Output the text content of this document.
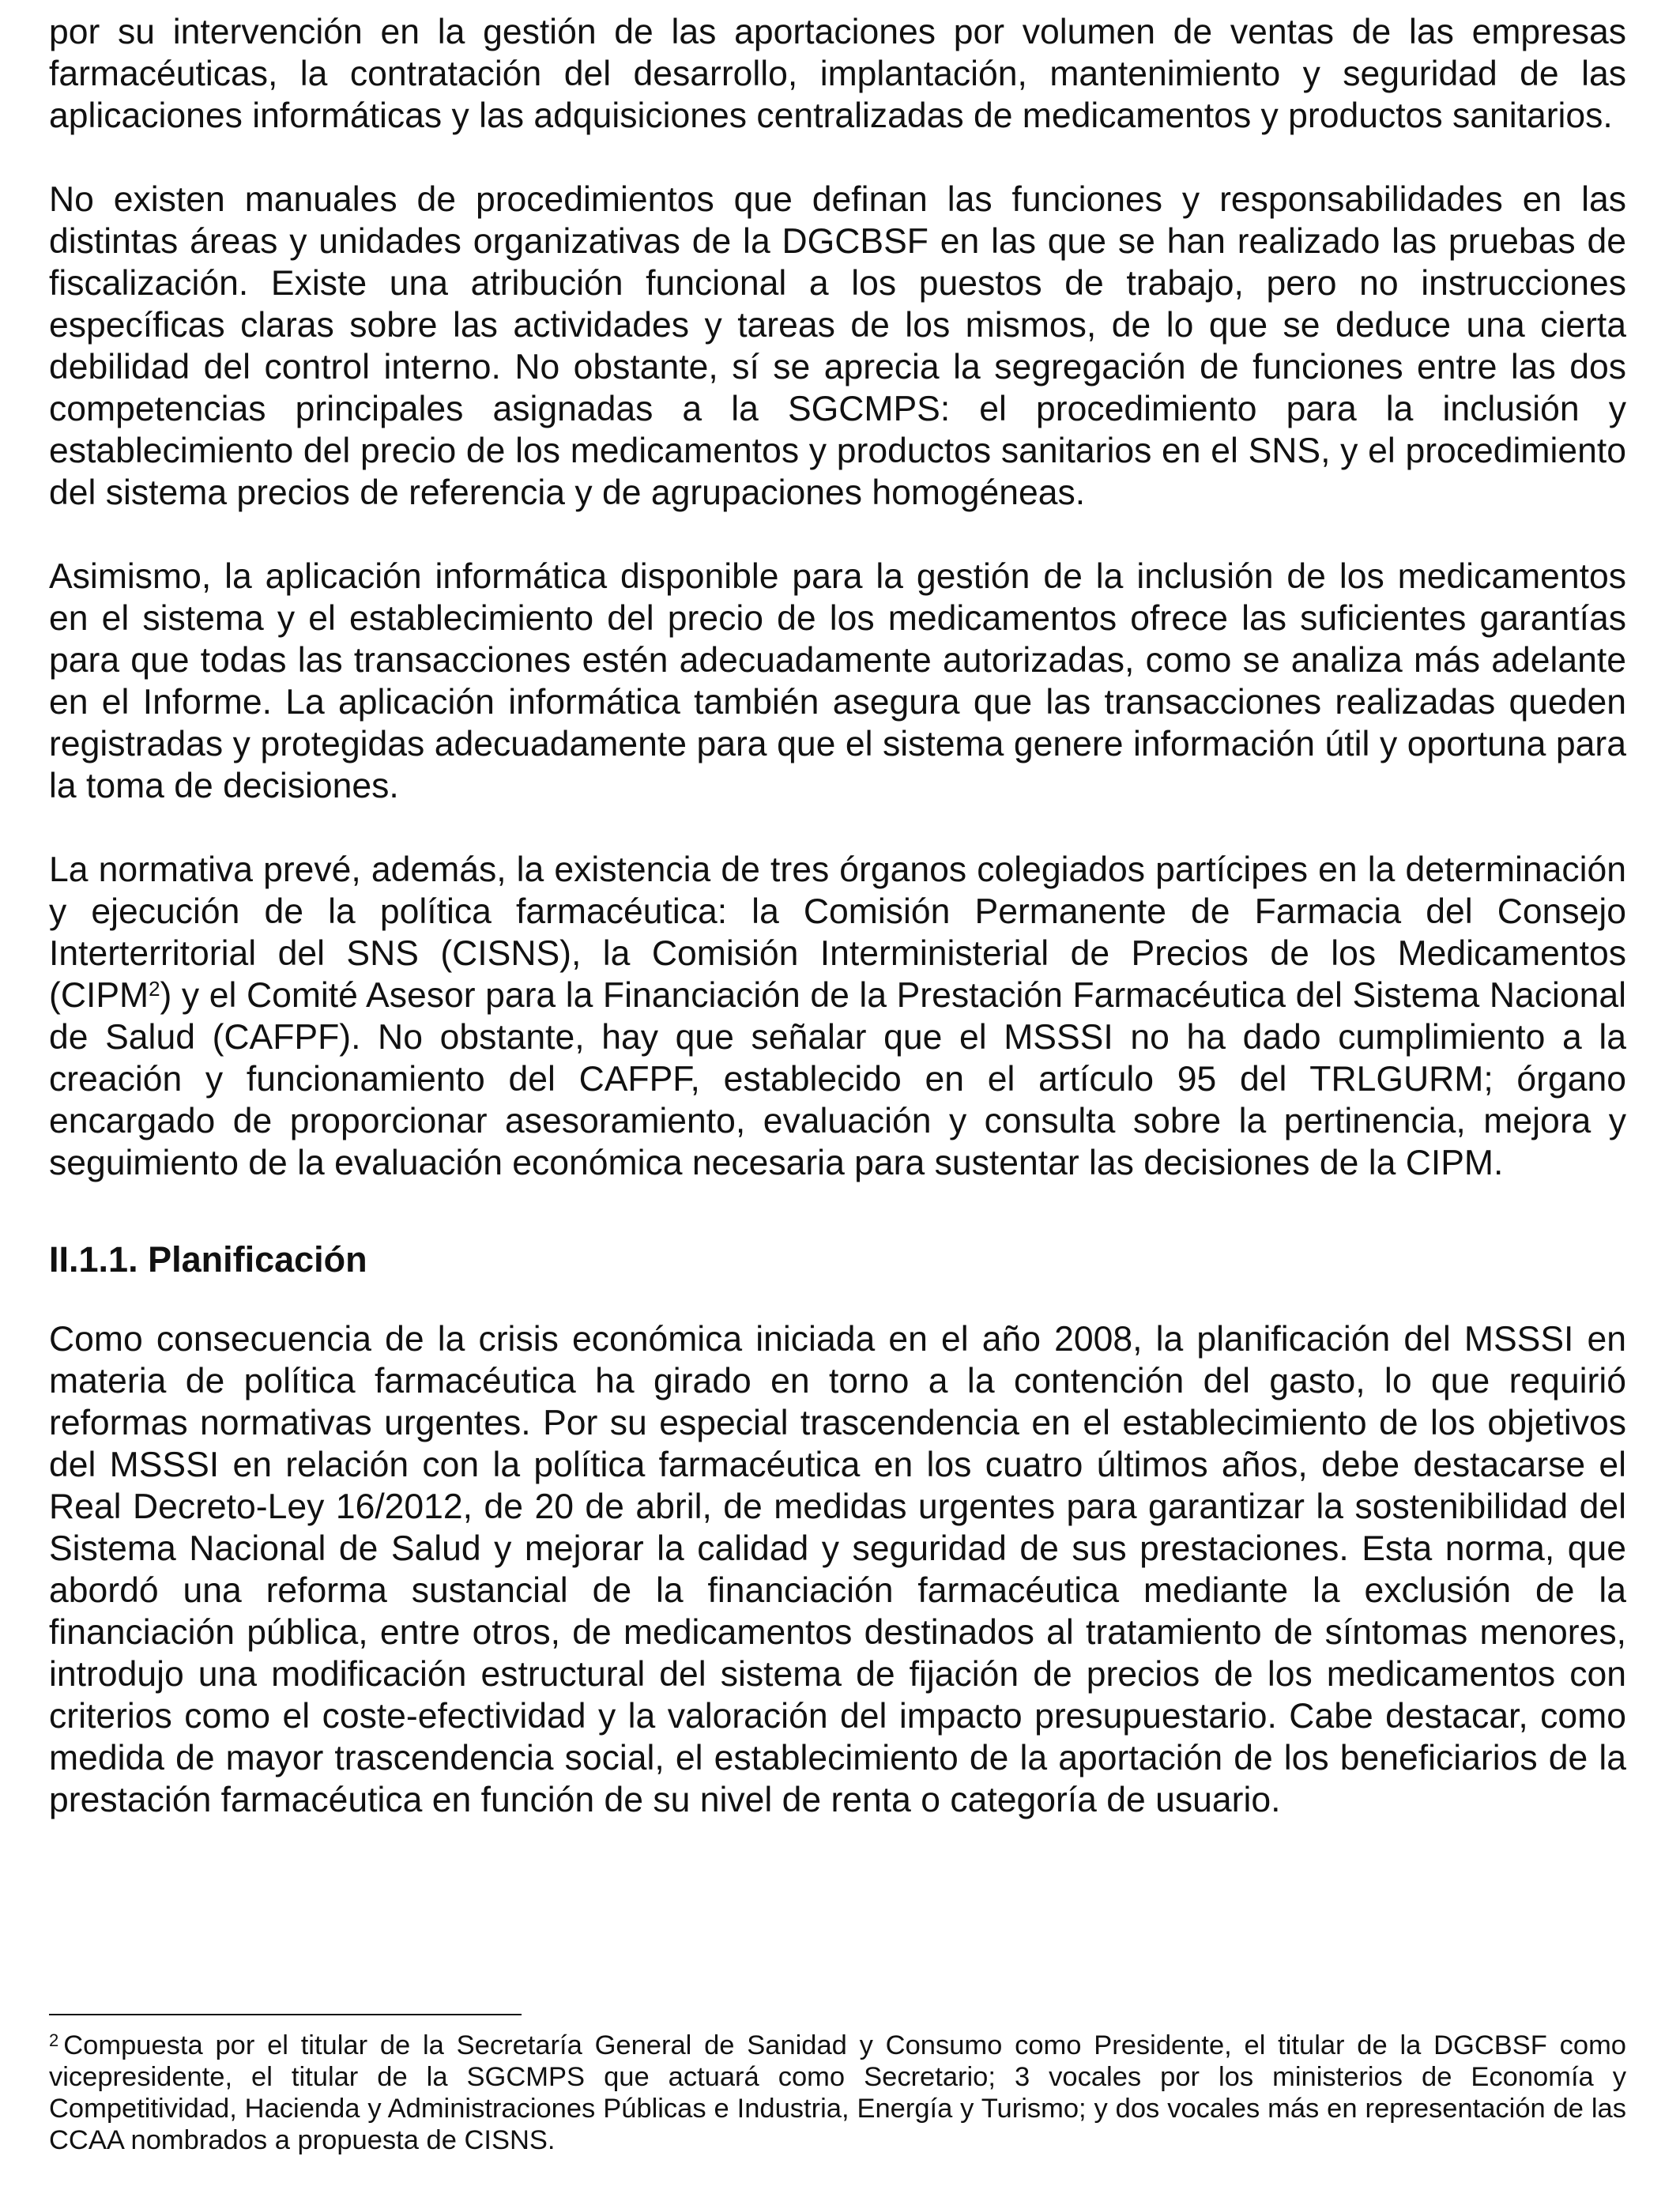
por su intervención en la gestión de las aportaciones por volumen de ventas de las empresas farmacéuticas, la contratación del desarrollo, implantación, mantenimiento y seguridad de las aplicaciones informáticas y las adquisiciones centralizadas de medicamentos y productos sanitarios.

No existen manuales de procedimientos que definan las funciones y responsabilidades en las distintas áreas y unidades organizativas de la DGCBSF en las que se han realizado las pruebas de fiscalización. Existe una atribución funcional a los puestos de trabajo, pero no instrucciones específicas claras sobre las actividades y tareas de los mismos, de lo que se deduce una cierta debilidad del control interno. No obstante, sí se aprecia la segregación de funciones entre las dos competencias principales asignadas a la SGCMPS: el procedimiento para la inclusión y establecimiento del precio de los medicamentos y productos sanitarios en el SNS, y el procedimiento del sistema precios de referencia y de agrupaciones homogéneas.

Asimismo, la aplicación informática disponible para la gestión de la inclusión de los medicamentos en el sistema y el establecimiento del precio de los medicamentos ofrece las suficientes garantías para que todas las transacciones estén adecuadamente autorizadas, como se analiza más adelante en el Informe. La aplicación informática también asegura que las transacciones realizadas queden registradas y protegidas adecuadamente para que el sistema genere información útil y oportuna para la toma de decisiones.

La normativa prevé, además, la existencia de tres órganos colegiados partícipes en la determinación y ejecución de la política farmacéutica: la Comisión Permanente de Farmacia del Consejo Interterritorial del SNS (CISNS), la Comisión Interministerial de Precios de los Medicamentos (CIPM$^2$) y el Comité Asesor para la Financiación de la Prestación Farmacéutica del Sistema Nacional de Salud (CAFPF). No obstante, hay que señalar que el MSSSI no ha dado cumplimiento a la creación y funcionamiento del CAFPF, establecido en el artículo 95 del TRLGURM; órgano encargado de proporcionar asesoramiento, evaluación y consulta sobre la pertinencia, mejora y seguimiento de la evaluación económica necesaria para sustentar las decisiones de la CIPM.

II.1.1. Planificación

Como consecuencia de la crisis económica iniciada en el año 2008, la planificación del MSSSI en materia de política farmacéutica ha girado en torno a la contención del gasto, lo que requirió reformas normativas urgentes. Por su especial trascendencia en el establecimiento de los objetivos del MSSSI en relación con la política farmacéutica en los cuatro últimos años, debe destacarse el Real Decreto-Ley 16/2012, de 20 de abril, de medidas urgentes para garantizar la sostenibilidad del Sistema Nacional de Salud y mejorar la calidad y seguridad de sus prestaciones. Esta norma, que abordó una reforma sustancial de la financiación farmacéutica mediante la exclusión de la financiación pública, entre otros, de medicamentos destinados al tratamiento de síntomas menores, introdujo una modificación estructural del sistema de fijación de precios de los medicamentos con criterios como el coste-efectividad y la valoración del impacto presupuestario. Cabe destacar, como medida de mayor trascendencia social, el establecimiento de la aportación de los beneficiarios de la prestación farmacéutica en función de su nivel de renta o categoría de usuario.

$^2$ Compuesta por el titular de la Secretaría General de Sanidad y Consumo como Presidente, el titular de la DGCBSF como vicepresidente, el titular de la SGCMPS que actuará como Secretario; 3 vocales por los ministerios de Economía y Competitividad, Hacienda y Administraciones Públicas e Industria, Energía y Turismo; y dos vocales más en representación de las CCAA nombrados a propuesta de CISNS.
